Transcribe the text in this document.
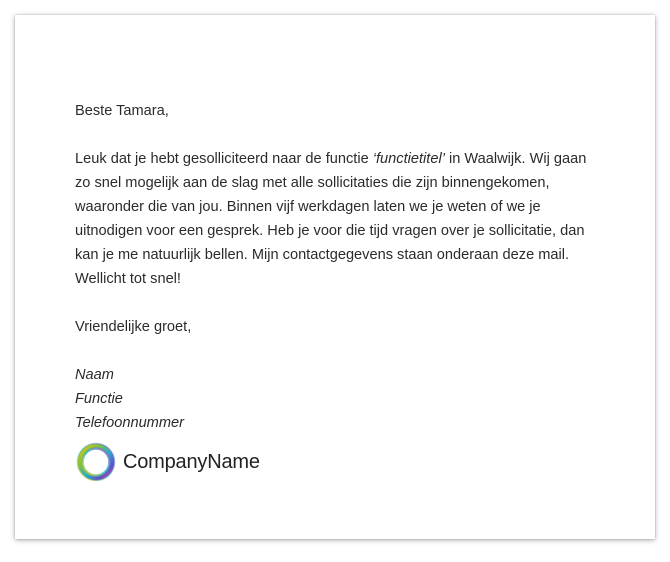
Beste Tamara,

Leuk dat je hebt gesolliciteerd naar de functie ‘functietitel’ in Waalwijk. Wij gaan zo snel mogelijk aan de slag met alle sollicitaties die zijn binnengekomen, waaronder die van jou. Binnen vijf werkdagen laten we je weten of we je uitnodigen voor een gesprek. Heb je voor die tijd vragen over je sollicitatie, dan kan je me natuurlijk bellen. Mijn contactgegevens staan onderaan deze mail. Wellicht tot snel!

Vriendelijke groet,

Naam

Functie

Telefoonnummer

CompanyName
